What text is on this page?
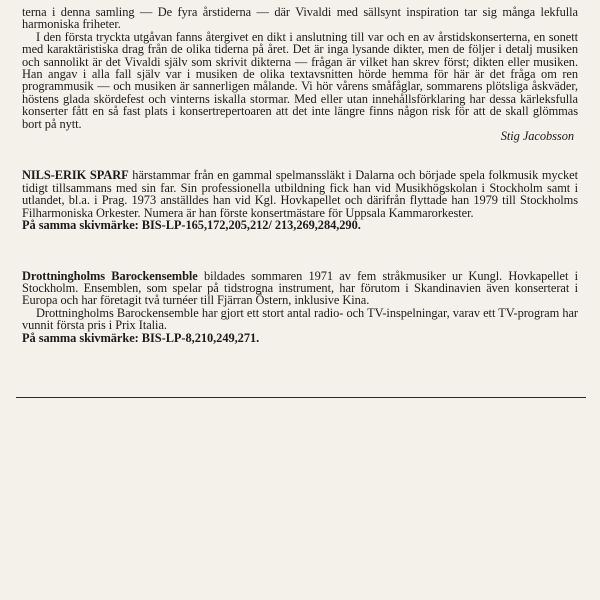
terna i denna samling — De fyra årstiderna — där Vivaldi med sällsynt inspiration tar sig många lekfulla harmoniska friheter.

I den första tryckta utgåvan fanns återgivet en dikt i anslutning till var och en av årstidskonserterna, en sonett med karaktäristiska drag från de olika tiderna på året. Det är inga lysande dikter, men de följer i detalj musiken och sannolikt är det Vivaldi själv som skrivit dikterna — frågan är vilket han skrev först; dikten eller musiken. Han angav i alla fall själv var i musiken de olika textavsnitten hörde hemma för här är det fråga om ren programmusik — och musiken är sannerligen målande. Vi hör vårens småfåglar, sommarens plötsliga åskväder, höstens glada skördefest och vinterns iskalla stormar. Med eller utan innehållsförklaring har dessa kärleksfulla konserter fått en så fast plats i konsertrepertoaren att det inte längre finns någon risk för att de skall glömmas bort på nytt.

Stig Jacobsson

NILS-ERIK SPARF härstammar från en gammal spelmanssläkt i Dalarna och började spela folkmusik mycket tidigt tillsammans med sin far. Sin professionella utbildning fick han vid Musikhögskolan i Stockholm samt i utlandet, bl.a. i Prag. 1973 anställdes han vid Kgl. Hovkapellet och därifrån flyttade han 1979 till Stockholms Filharmoniska Orkester. Numera är han förste konsertmästare för Uppsala Kammarorkester.

På samma skivmärke: BIS-LP-165,172,205,212/ 213,269,284,290.

Drottningholms Barockensemble bildades sommaren 1971 av fem stråkmusiker ur Kungl. Hovkapellet i Stockholm. Ensemblen, som spelar på tidstrogna instrument, har förutom i Skandinavien även konserterat i Europa och har företagit två turnéer till Fjärran Östern, inklusive Kina.

Drottningholms Barockensemble har gjort ett stort antal radio- och TV-inspelningar, varav ett TV-program har vunnit första pris i Prix Italia.

På samma skivmärke: BIS-LP-8,210,249,271.
